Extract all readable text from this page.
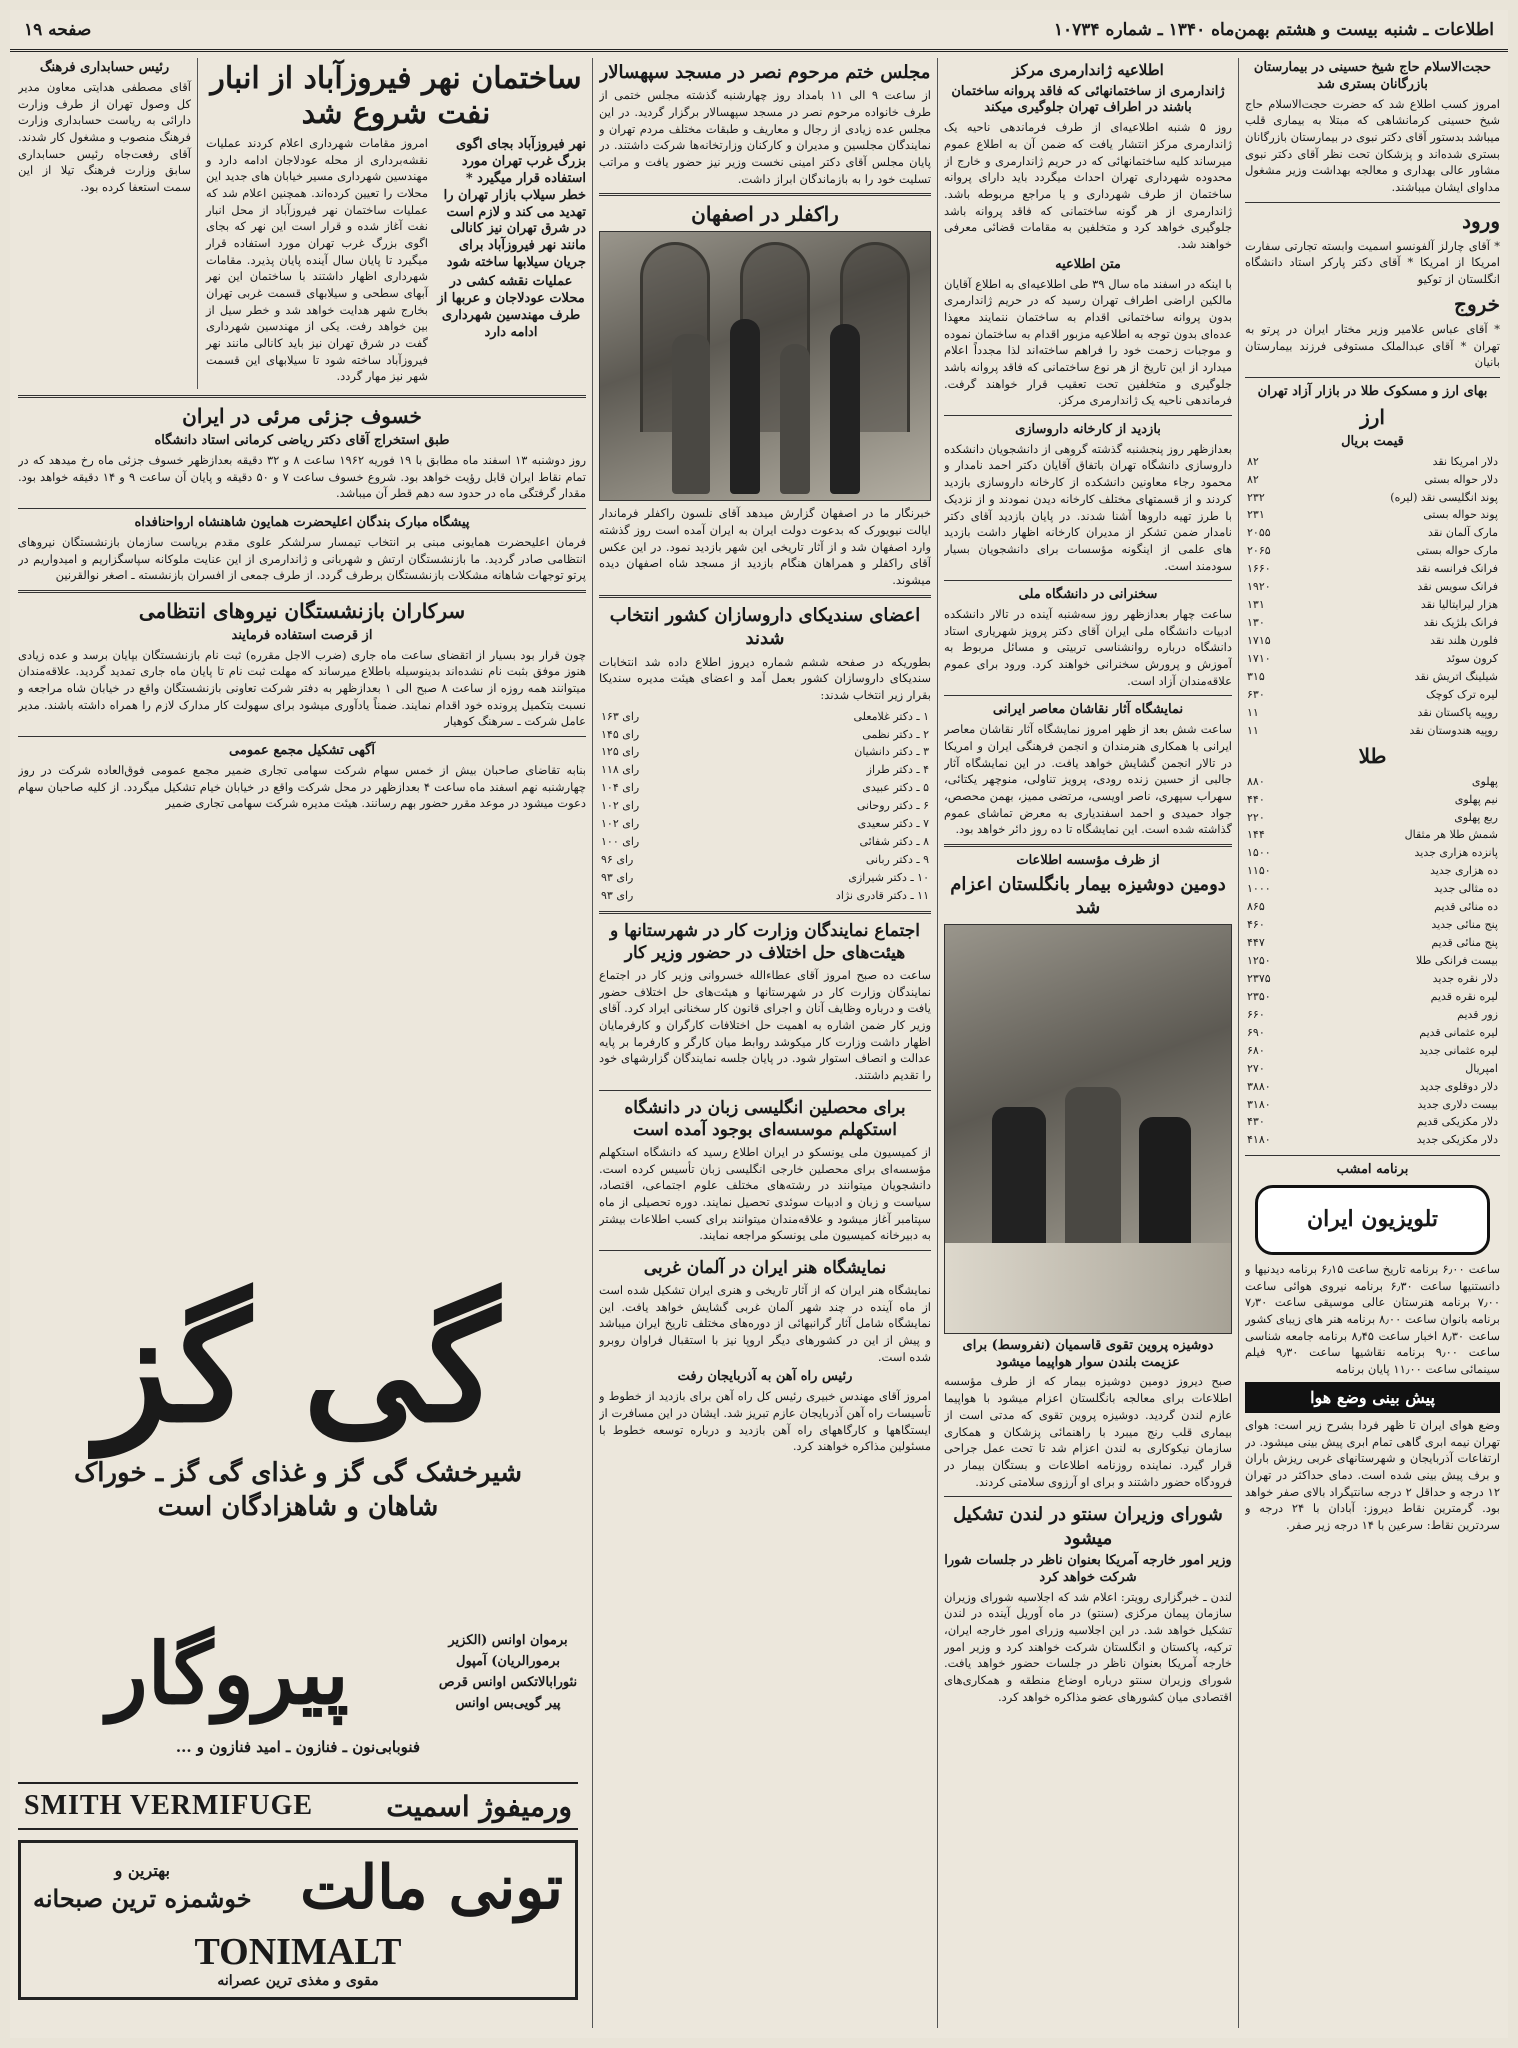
اطلاعات ـ شنبه بیست و هشتم بهمن‌ماه ۱۳۴۰ ـ شماره ۱۰۷۳۴
صفحه ۱۹
حجت‌الاسلام حاج شیخ حسینی در بیمارستان بازرگانان بستری شد

امروز کسب اطلاع شد که حضرت حجت‌الاسلام حاج شیخ حسینی کرمانشاهی که مبتلا به بیماری قلب میباشد بدستور آقای دکتر نبوی در بیمارستان بازرگانان بستری شده‌اند و پزشکان تحت نظر آقای دکتر نبوی مشاور عالی بهداری و معالجه بهداشت وزیر مشغول مداوای ایشان میباشند.

ورود

* آقای چارلز آلفونسو اسمیت وابسته تجارتی سفارت امریکا از امریکا * آقای دکتر پارکر استاد دانشگاه انگلستان از توکیو

خروج

* آقای عباس علامیر وزیر مختار ایران در پرتو به تهران * آقای عبدالملک مستوفی فرزند بیمارستان بانیان

بهای ارز و مسکوک طلا در بازار آزاد تهران
ارز
قیمت بریال
دلار امریکا نقد	۸۲
دلار حواله بستی	۸۲
پوند انگلیسی نقد (لیره)	۲۳۲
پوند حواله بستی	۲۳۱
مارک آلمان نقد	۲۰۵۵
مارک حواله بستی	۲۰۶۵
فرانک فرانسه نقد	۱۶۶۰
فرانک سویس نقد	۱۹۲۰
هزار لیرایتالیا نقد	۱۳۱
فرانک بلژیک نقد	۱۳۰
فلورن هلند نقد	۱۷۱۵
کرون سوئد	۱۷۱۰
شیلینگ اتریش نقد	۳۱۵
لیره ترک کوچک	۶۳۰
روپیه پاکستان نقد	۱۱
روپیه هندوستان نقد	۱۱
طلا
پهلوی	۸۸۰
نیم پهلوی	۴۴۰
ربع پهلوی	۲۲۰
شمش طلا هر مثقال	۱۴۴
پانزده هزاری جدید	۱۵۰۰
ده هزاری جدید	۱۱۵۰
ده مثالی جدید	۱۰۰۰
ده منائی قدیم	۸۶۵
پنج منائی جدید	۴۶۰
پنج منائی قدیم	۴۴۷
بیست فرانکی طلا	۱۲۵۰
دلار نقره جدید	۲۳۷۵
لیره نقره قدیم	۲۳۵۰
زور قدیم	۶۶۰
لیره عثمانی قدیم	۶۹۰
لیره عثمانی جدید	۶۸۰
امپریال	۲۷۰
دلار دوقلوی جدید	۳۸۸۰
بیست دلاری جدید	۳۱۸۰
دلار مکزیکی قدیم	۴۳۰
دلار مکزیکی جدید	۴۱۸۰
برنامه امشب
تلویزیون ایران

ساعت ۶٫۰۰ برنامه تاریخ ساعت ۶٫۱۵ برنامه دیدنیها و دانستنیها ساعت ۶٫۳۰ برنامه نیروی هوائی ساعت ۷٫۰۰ برنامه هنرستان عالی موسیقی ساعت ۷٫۳۰ برنامه بانوان ساعت ۸٫۰۰ برنامه هنر های زیبای کشور ساعت ۸٫۳۰ اخبار ساعت ۸٫۴۵ برنامه جامعه شناسی ساعت ۹٫۰۰ برنامه نقاشیها ساعت ۹٫۳۰ فیلم سینمائی ساعت ۱۱٫۰۰ پایان برنامه

پیش بینی وضع هوا

وضع هوای ایران تا ظهر فردا بشرح زیر است: هوای تهران نیمه ابری گاهی تمام ابری پیش بینی میشود. در ارتفاعات آذربایجان و شهرستانهای غربی ریزش باران و برف پیش بینی شده است. دمای حداکثر در تهران ۱۲ درجه و حداقل ۲ درجه سانتیگراد بالای صفر خواهد بود. گرمترین نقاط دیروز: آبادان با ۲۴ درجه و سردترین نقاط: سرعین با ۱۴ درجه زیر صفر.

اطلاعیه ژاندارمری مرکز
ژاندارمری از ساختمانهائی که فاقد پروانه ساختمان باشند در اطراف تهران جلوگیری میکند

روز ۵ شنبه اطلاعیه‌ای از طرف فرماندهی ناحیه یک ژاندارمری مرکز انتشار یافت که ضمن آن به اطلاع عموم میرساند کلیه ساختمانهائی که در حریم ژاندارمری و خارج از محدوده شهرداری تهران احداث میگردد باید دارای پروانه ساختمان از طرف شهرداری و یا مراجع مربوطه باشد. ژاندارمری از هر گونه ساختمانی که فاقد پروانه باشد جلوگیری خواهد کرد و متخلفین به مقامات قضائی معرفی خواهند شد.

متن اطلاعیه

با اینکه در اسفند ماه سال ۳۹ طی اطلاعیه‌ای به اطلاع آقایان مالکین اراضی اطراف تهران رسید که در حریم ژاندارمری بدون پروانه ساختمانی اقدام به ساختمان ننمایند معهذا عده‌ای بدون توجه به اطلاعیه مزبور اقدام به ساختمان نموده و موجبات زحمت خود را فراهم ساخته‌اند لذا مجدداً اعلام میدارد از این تاریخ از هر نوع ساختمانی که فاقد پروانه باشد جلوگیری و متخلفین تحت تعقیب قرار خواهند گرفت. فرماندهی ناحیه یک ژاندارمری مرکز.

بازدید از کارخانه داروسازی

بعدازظهر روز پنجشنبه گذشته گروهی از دانشجویان دانشکده داروسازی دانشگاه تهران باتفاق آقایان دکتر احمد نامدار و محمود رجاء معاونین دانشکده از کارخانه داروسازی بازدید کردند و از قسمتهای مختلف کارخانه دیدن نمودند و از نزدیک با طرز تهیه داروها آشنا شدند. در پایان بازدید آقای دکتر نامدار ضمن تشکر از مدیران کارخانه اظهار داشت بازدید های علمی از اینگونه مؤسسات برای دانشجویان بسیار سودمند است.

سخنرانی در دانشگاه ملی

ساعت چهار بعدازظهر روز سه‌شنبه آینده در تالار دانشکده ادبیات دانشگاه ملی ایران آقای دکتر پرویز شهریاری استاد دانشگاه درباره روانشناسی تربیتی و مسائل مربوط به آموزش و پرورش سخنرانی خواهند کرد. ورود برای عموم علاقه‌مندان آزاد است.

نمایشگاه آثار نقاشان معاصر ایرانی

ساعت شش بعد از ظهر امروز نمایشگاه آثار نقاشان معاصر ایرانی با همکاری هنرمندان و انجمن فرهنگی ایران و امریکا در تالار انجمن گشایش خواهد یافت. در این نمایشگاه آثار جالبی از حسین زنده رودی، پرویز تناولی، منوچهر یکتائی، سهراب سپهری، ناصر اویسی، مرتضی ممیز، بهمن محصص، جواد حمیدی و احمد اسفندیاری به معرض تماشای عموم گذاشته شده است. این نمایشگاه تا ده روز دائر خواهد بود.

از ظرف مؤسسه اطلاعات
دومین دوشیزه بیمار بانگلستان اعزام شد
دوشیزه پروین تقوی قاسمیان (نفروسط) برای عزیمت بلندن سوار هواپیما میشود

صبح دیروز دومین دوشیزه بیمار که از طرف مؤسسه اطلاعات برای معالجه بانگلستان اعزام میشود با هواپیما عازم لندن گردید. دوشیزه پروین تقوی که مدتی است از بیماری قلب رنج میبرد با راهنمائی پزشکان و همکاری سازمان نیکوکاری به لندن اعزام شد تا تحت عمل جراحی قرار گیرد. نماینده روزنامه اطلاعات و بستگان بیمار در فرودگاه حضور داشتند و برای او آرزوی سلامتی کردند.

شورای وزیران سنتو در لندن تشکیل میشود
وزیر امور خارجه آمریکا بعنوان ناظر در جلسات شورا شرکت خواهد کرد

لندن ـ خبرگزاری رویتر: اعلام شد که اجلاسیه شورای وزیران سازمان پیمان مرکزی (سنتو) در ماه آوریل آینده در لندن تشکیل خواهد شد. در این اجلاسیه وزرای امور خارجه ایران، ترکیه، پاکستان و انگلستان شرکت خواهند کرد و وزیر امور خارجه آمریکا بعنوان ناظر در جلسات حضور خواهد یافت. شورای وزیران سنتو درباره اوضاع منطقه و همکاری‌های اقتصادی میان کشورهای عضو مذاکره خواهد کرد.

مجلس ختم مرحوم نصر در مسجد سپهسالار

از ساعت ۹ الی ۱۱ بامداد روز چهارشنبه گذشته مجلس ختمی از طرف خانواده مرحوم نصر در مسجد سپهسالار برگزار گردید. در این مجلس عده زیادی از رجال و معاریف و طبقات مختلف مردم تهران و نمایندگان مجلسین و مدیران و کارکنان وزارتخانه‌ها شرکت داشتند. در پایان مجلس آقای دکتر امینی نخست وزیر نیز حضور یافت و مراتب تسلیت خود را به بازماندگان ابراز داشت.

راکفلر در اصفهان

خبرنگار ما در اصفهان گزارش میدهد آقای نلسون راکفلر فرماندار ایالت نیویورک که بدعوت دولت ایران به ایران آمده است روز گذشته وارد اصفهان شد و از آثار تاریخی این شهر بازدید نمود. در این عکس آقای راکفلر و همراهان هنگام بازدید از مسجد شاه اصفهان دیده میشوند.

اعضای سندیکای داروسازان کشور انتخاب شدند

بطوریکه در صفحه ششم شماره دیروز اطلاع داده شد انتخابات سندیکای داروسازان کشور بعمل آمد و اعضای هیئت مدیره سندیکا بقرار زیر انتخاب شدند:

۱ ـ دکتر غلامعلی	۱۶۳ رای
۲ ـ دکتر نظمی	۱۴۵ رای
۳ ـ دکتر دانشیان	۱۲۵ رای
۴ ـ دکتر طراز	۱۱۸ رای
۵ ـ دکتر عبیدی	۱۰۴ رای
۶ ـ دکتر روحانی	۱۰۲ رای
۷ ـ دکتر سعیدی	۱۰۲ رای
۸ ـ دکتر شفائی	۱۰۰ رای
۹ ـ دکتر ربانی	۹۶ رای
۱۰ ـ دکتر شیرازی	۹۳ رای
۱۱ ـ دکتر قادری نژاد	۹۳ رای
اجتماع نمایندگان وزارت کار در شهرستانها و هیئت‌های حل اختلاف در حضور وزیر کار

ساعت ده صبح امروز آقای عطاءالله خسروانی وزیر کار در اجتماع نمایندگان وزارت کار در شهرستانها و هیئت‌های حل اختلاف حضور یافت و درباره وظایف آنان و اجرای قانون کار سخنانی ایراد کرد. آقای وزیر کار ضمن اشاره به اهمیت حل اختلافات کارگران و کارفرمایان اظهار داشت وزارت کار میکوشد روابط میان کارگر و کارفرما بر پایه عدالت و انصاف استوار شود. در پایان جلسه نمایندگان گزارشهای خود را تقدیم داشتند.

برای محصلین انگلیسی زبان در دانشگاه استکهلم موسسه‌ای بوجود آمده است

از کمیسیون ملی یونسکو در ایران اطلاع رسید که دانشگاه استکهلم مؤسسه‌ای برای محصلین خارجی انگلیسی زبان تأسیس کرده است. دانشجویان میتوانند در رشته‌های مختلف علوم اجتماعی، اقتصاد، سیاست و زبان و ادبیات سوئدی تحصیل نمایند. دوره تحصیلی از ماه سپتامبر آغاز میشود و علاقه‌مندان میتوانند برای کسب اطلاعات بیشتر به دبیرخانه کمیسیون ملی یونسکو مراجعه نمایند.

نمایشگاه هنر ایران در آلمان غربی

نمایشگاه هنر ایران که از آثار تاریخی و هنری ایران تشکیل شده است از ماه آینده در چند شهر آلمان غربی گشایش خواهد یافت. این نمایشگاه شامل آثار گرانبهائی از دوره‌های مختلف تاریخ ایران میباشد و پیش از این در کشورهای دیگر اروپا نیز با استقبال فراوان روبرو شده است.

رئیس راه آهن به آذربایجان رفت

امروز آقای مهندس خبیری رئیس کل راه آهن برای بازدید از خطوط و تأسیسات راه آهن آذربایجان عازم تبریز شد. ایشان در این مسافرت از ایستگاهها و کارگاههای راه آهن بازدید و درباره توسعه خطوط با مسئولین مذاکره خواهند کرد.

ساختمان نهر فیروزآباد از انبار نفت شروع شد
نهر فیروزآباد بجای اگوی بزرگ غرب تهران مورد استفاده قرار میگیرد * خطر سیلاب بازار تهران را تهدید می کند و لازم است در شرق تهران نیز کانالی مانند نهر فیروزآباد برای جریان سیلابها ساخته شود
عملیات نقشه کشی در محلات عودلاجان و عربها از طرف مهندسین شهرداری ادامه دارد

امروز مقامات شهرداری اعلام کردند عملیات نقشه‌برداری از محله عودلاجان ادامه دارد و مهندسین شهرداری مسیر خیابان های جدید این محلات را تعیین کرده‌اند. همچنین اعلام شد که عملیات ساختمان نهر فیروزآباد از محل انبار نفت آغاز شده و قرار است این نهر که بجای اگوی بزرگ غرب تهران مورد استفاده قرار میگیرد تا پایان سال آینده پایان پذیرد. مقامات شهرداری اظهار داشتند با ساختمان این نهر آبهای سطحی و سیلابهای قسمت غربی تهران بخارج شهر هدایت خواهد شد و خطر سیل از بین خواهد رفت. یکی از مهندسین شهرداری گفت در شرق تهران نیز باید کانالی مانند نهر فیروزآباد ساخته شود تا سیلابهای این قسمت شهر نیز مهار گردد.

رئیس حسابداری فرهنگ

آقای مصطفی هدایتی معاون مدیر کل وصول تهران از طرف وزارت دارائی به ریاست حسابداری وزارت فرهنگ منصوب و مشغول کار شدند. آقای رفعت‌جاه رئیس حسابداری سابق وزارت فرهنگ تیلا از این سمت استعفا کرده بود.

خسوف جزئی مرئی در ایران
طبق استخراج آقای دکتر ریاضی کرمانی استاد دانشگاه

روز دوشنبه ۱۳ اسفند ماه مطابق با ۱۹ فوریه ۱۹۶۲ ساعت ۸ و ۳۲ دقیقه بعدازظهر خسوف جزئی ماه رخ میدهد که در تمام نقاط ایران قابل رؤیت خواهد بود. شروع خسوف ساعت ۷ و ۵۰ دقیقه و پایان آن ساعت ۹ و ۱۴ دقیقه خواهد بود. مقدار گرفتگی ماه در حدود سه دهم قطر آن میباشد.

پیشگاه مبارک بندگان اعلیحضرت همایون شاهنشاه ارواحنافداه

فرمان اعلیحضرت همایونی مبنی بر انتخاب تیمسار سرلشکر علوی مقدم بریاست سازمان بازنشستگان نیروهای انتظامی صادر گردید. ما بازنشستگان ارتش و شهربانی و ژاندارمری از این عنایت ملوکانه سپاسگزاریم و امیدواریم در پرتو توجهات شاهانه مشکلات بازنشستگان برطرف گردد. از طرف جمعی از افسران بازنشسته ـ اصغر نوالقرنین

سرکاران بازنشستگان نیروهای انتظامی
از قرصت استفاده فرمایند

چون قرار بود بسیار از اتقضای ساعت ماه جاری (ضرب الاجل مقرره) ثبت نام بازنشستگان بپایان برسد و عده زیادی هنوز موفق بثبت نام نشده‌اند بدینوسیله باطلاع میرساند که مهلت ثبت نام تا پایان ماه جاری تمدید گردید. علاقه‌مندان میتوانند همه روزه از ساعت ۸ صبح الی ۱ بعدازظهر به دفتر شرکت تعاونی بازنشستگان واقع در خیابان شاه مراجعه و نسبت بتکمیل پرونده خود اقدام نمایند. ضمناً یادآوری میشود برای سهولت کار مدارک لازم را همراه داشته باشند. مدیر عامل شرکت ـ سرهنگ کوهیار

آگهی تشکیل مجمع عمومی

بنابه تقاضای صاحبان بیش از خمس سهام شرکت سهامی تجاری ضمیر مجمع عمومی فوق‌العاده شرکت در روز چهارشنبه نهم اسفند ماه ساعت ۴ بعدازظهر در محل شرکت واقع در خیابان خیام تشکیل میگردد. از کلیه صاحبان سهام دعوت میشود در موعد مقرر حضور بهم رسانند. هیئت مدیره شرکت سهامی تجاری ضمیر

گی گز
شیرخشک گی گز و غذای گی گز ـ خوراک
شاهان و شاهزادگان است
برموان اوانس (الکزیر برمورالریان) آمپول نئورابالاتکس اوانس قرص پیر گویی‌بس اوانس
پیروگار
فنوبابی‌نون ـ فنازون ـ امید فنازون و ...
ورمیفوژ اسمیت
SMITH VERMIFUGE
تونی مالت
بهترین و
خوشمزه ترین صبحانه
TONIMALT
مقوی و مغذی ترین عصرانه
